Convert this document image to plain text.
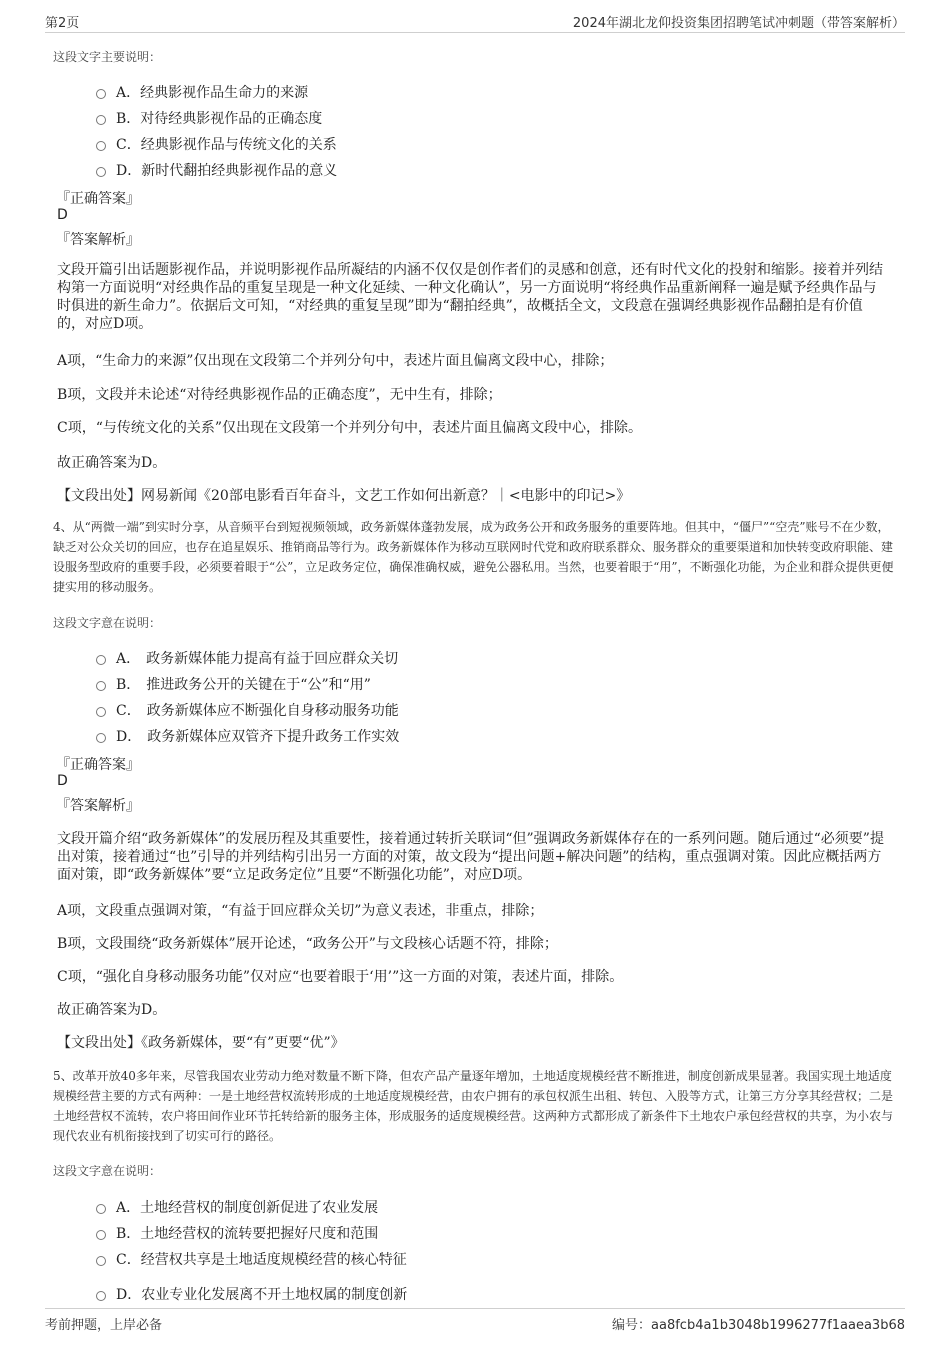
第2页	2024年湖北龙仰投资集团招聘笔试冲刺题（带答案解析）
这段文字主要说明：
A． 经典影视作品生命力的来源
B． 对待经典影视作品的正确态度
C． 经典影视作品与传统文化的关系
D． 新时代翻拍经典影视作品的意义
『正确答案』
D
『答案解析』
文段开篇引出话题影视作品，并说明影视作品所凝结的内涵不仅仅是创作者们的灵感和创意，还有时代文化的投射和缩影。接着并列结构第一方面说明“对经典作品的重复呈现是一种文化延续、一种文化确认”，另一方面说明“将经典作品重新阐释一遍是赋予经典作品与时俱进的新生命力”。依据后文可知，“对经典的重复呈现”即为“翻拍经典”，故概括全文，文段意在强调经典影视作品翻拍是有价值的，对应D项。
A项，“生命力的来源”仅出现在文段第二个并列分句中，表述片面且偏离文段中心，排除；
B项，文段并未论述“对待经典影视作品的正确态度”，无中生有，排除；
C项，“与传统文化的关系”仅出现在文段第一个并列分句中，表述片面且偏离文段中心，排除。
故正确答案为D。
【文段出处】网易新闻《20部电影看百年奋斗，文艺工作如何出新意？｜<电影中的印记>》
4、从“两微一端”到实时分享，从音频平台到短视频领域，政务新媒体蓬勃发展，成为政务公开和政务服务的重要阵地。但其中，“僵尸”“空壳”账号不在少数，缺乏对公众关切的回应，也存在追星娱乐、推销商品等行为。政务新媒体作为移动互联网时代党和政府联系群众、服务群众的重要渠道和加快转变政府职能、建设服务型政府的重要手段，必须要着眼于“公”，立足政务定位，确保准确权威，避免公器私用。当然，也要着眼于“用”，不断强化功能，为企业和群众提供更便捷实用的移动服务。
这段文字意在说明：
A． 政务新媒体能力提高有益于回应群众关切
B． 推进政务公开的关键在于“公”和“用”
C． 政务新媒体应不断强化自身移动服务功能
D． 政务新媒体应双管齐下提升政务工作实效
『正确答案』
D
『答案解析』
文段开篇介绍“政务新媒体”的发展历程及其重要性，接着通过转折关联词“但”强调政务新媒体存在的一系列问题。随后通过“必须要”提出对策，接着通过“也”引导的并列结构引出另一方面的对策，故文段为“提出问题+解决问题”的结构，重点强调对策。因此应概括两方面对策，即“政务新媒体”要“立足政务定位”且要“不断强化功能”，对应D项。
A项，文段重点强调对策，“有益于回应群众关切”为意义表述，非重点，排除；
B项，文段围绕“政务新媒体”展开论述，“政务公开”与文段核心话题不符，排除；
C项，“强化自身移动服务功能”仅对应“也要着眼于‘用’”这一方面的对策，表述片面，排除。
故正确答案为D。
【文段出处】《政务新媒体，要“有”更要“优”》
5、改革开放40多年来，尽管我国农业劳动力绝对数量不断下降，但农产品产量逐年增加，土地适度规模经营不断推进，制度创新成果显著。我国实现土地适度规模经营主要的方式有两种：一是土地经营权流转形成的土地适度规模经营，由农户拥有的承包权派生出租、转包、入股等方式，让第三方分享其经营权；二是土地经营权不流转，农户将田间作业环节托转给新的服务主体，形成服务的适度规模经营。这两种方式都形成了新条件下土地农户承包经营权的共享，为小农与现代农业有机衔接找到了切实可行的路径。
这段文字意在说明：
A． 土地经营权的制度创新促进了农业发展
B． 土地经营权的流转要把握好尺度和范围
C． 经营权共享是土地适度规模经营的核心特征
D． 农业专业化发展离不开土地权属的制度创新
考前押题，上岸必备	编号：aa8fcb4a1b3048b1996277f1aaea3b68
